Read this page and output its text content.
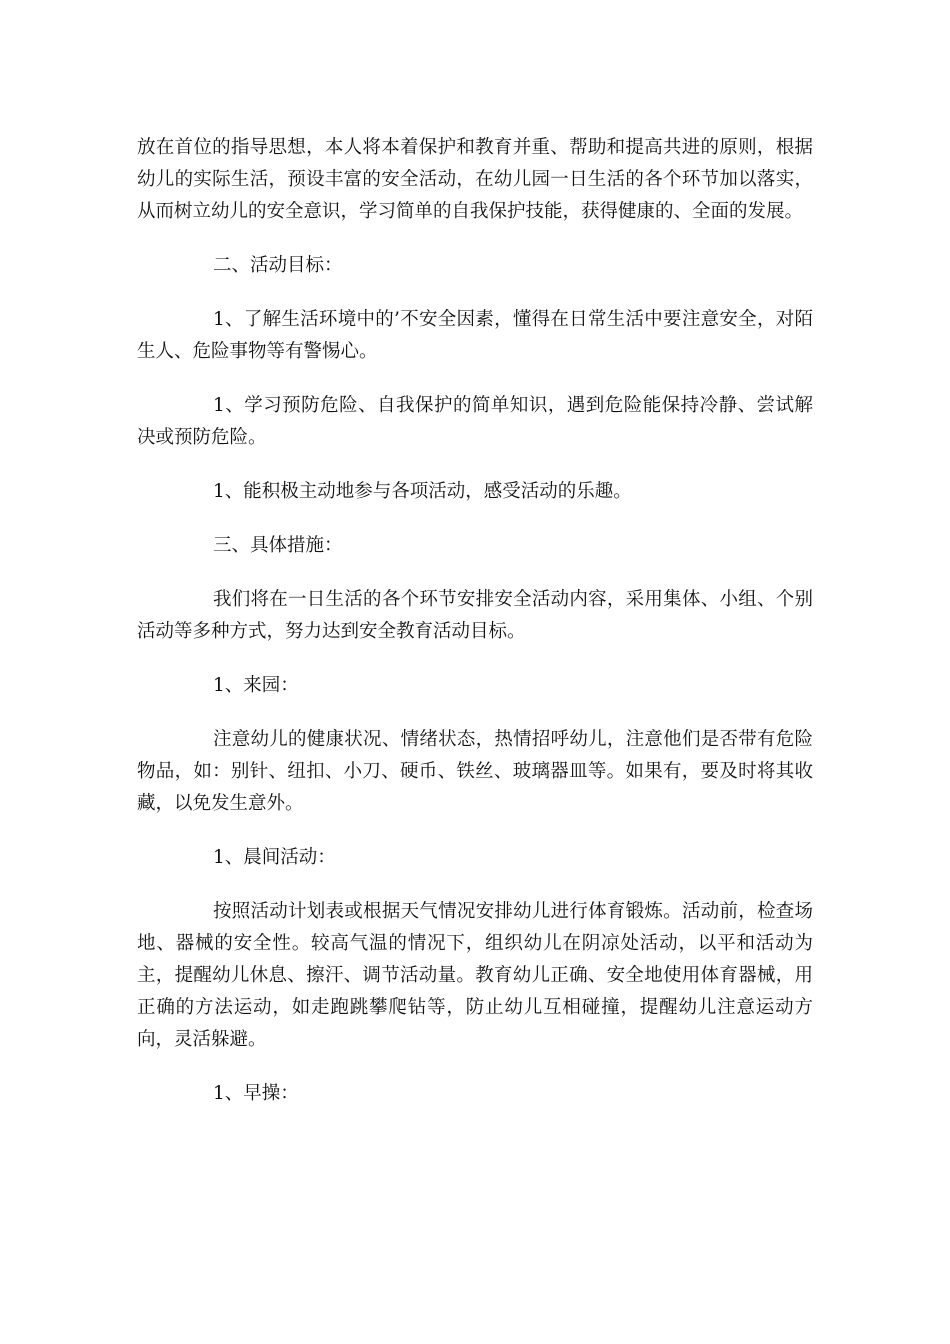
放在首位的指导思想，本人将本着保护和教育并重、帮助和提高共进的原则，根据幼儿的实际生活，预设丰富的安全活动，在幼儿园一日生活的各个环节加以落实，从而树立幼儿的安全意识，学习简单的自我保护技能，获得健康的、全面的发展。

二、活动目标：

1、了解生活环境中的’不安全因素，懂得在日常生活中要注意安全，对陌生人、危险事物等有警惕心。

1、学习预防危险、自我保护的简单知识，遇到危险能保持冷静、尝试解决或预防危险。

1、能积极主动地参与各项活动，感受活动的乐趣。

三、具体措施：

我们将在一日生活的各个环节安排安全活动内容，采用集体、小组、个别活动等多种方式，努力达到安全教育活动目标。

1、来园：

注意幼儿的健康状况、情绪状态，热情招呼幼儿，注意他们是否带有危险物品，如：别针、纽扣、小刀、硬币、铁丝、玻璃器皿等。如果有，要及时将其收藏，以免发生意外。

1、晨间活动：

按照活动计划表或根据天气情况安排幼儿进行体育锻炼。活动前，检查场地、器械的安全性。较高气温的情况下，组织幼儿在阴凉处活动，以平和活动为主，提醒幼儿休息、擦汗、调节活动量。教育幼儿正确、安全地使用体育器械，用正确的方法运动，如走跑跳攀爬钻等，防止幼儿互相碰撞，提醒幼儿注意运动方向，灵活躲避。

1、早操：
